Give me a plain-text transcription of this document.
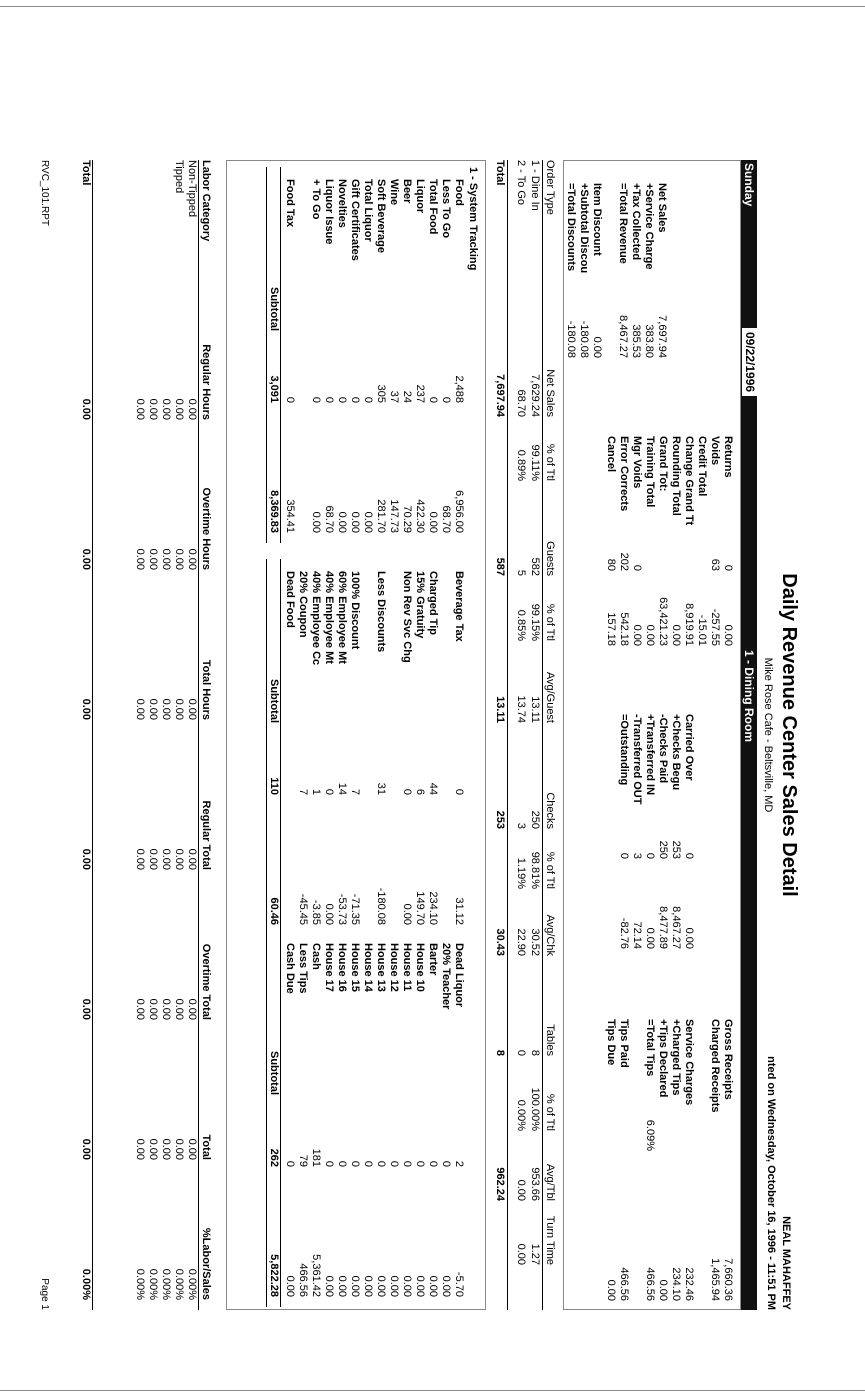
Daily Revenue Center Sales Detail
Mike Rose Cafe - Beltsville, MD
NEAL MAHAFFEY
nted on Wednesday, October 16, 1996 - 11:51 PM
Sunday
09/22/1996
1 - Dining Room
Net Sales
7,697.94
+Service Charge
383.80
+Tax Collected
385.53
=Total Revenue
8,467.27
Item Discount
0.00
+Subtotal Discou
-180.08
=Total Discounts
-180.08
Returns
0
0.00
Voids
63
-257.55
Credit Total
-15.01
Change Grand Tt
8,919.91
Rounding Total
0.00
Grand Tot:
63,421.23
Training Total
0.00
Mgr Voids
0
0.00
Error Corrects
202
542.18
Cancel
80
157.18
Carried Over
0
0.00
+Checks Begu
253
8,467.27
-Checks Paid
250
8,477.89
+Transferred IN
0
0.00
-Transferred OUT
3
72.14
=Outstanding
0
-82.76
Gross Receipts
7,660.36
Charged Receipts
1,465.94
Service Charges
232.46
+Charged Tips
234.10
+Tips Declared
0.00
=Total Tips
6.09%
466.56
Tips Paid
466.56
Tips Due
0.00
Order Type
Net Sales
% of Ttl
Guests
% of Ttl
Avg/Guest
Checks
% of Ttl
Avg/Chk
Tables
% of Ttl
Avg/Tbl
Turn Time
1 - Dine In
7,629.24
99.11%
582
99.15%
13.11
250
98.81%
30.52
8
100.00%
953.66
1.27
2 - To Go
68.70
0.89%
5
0.85%
13.74
3
1.19%
22.90
0
0.00%
0.00
0.00
Total
7,697.94
587
13.11
253
30.43
8
962.24
1 - System Tracking
Food
2,488
6,956.00
Less To Go
0
68.70
Total Food
0
0.00
Liquor
237
422.30
Beer
24
70.29
Wine
37
147.73
Soft Beverage
305
281.70
Total Liquor
0
0.00
Gift Certificates
0
0.00
Novelties
0
0.00
Liquor Issue
0
68.70
+ To Go
0
0.00
Food Tax
0
354.41
Subtotal
3,091
8,369.83
Beverage Tax
0
31.12
Charged Tip
44
234.10
15% Gratuity
6
149.70
Non Rev Svc Chg
0
0.00
Less Discounts
31
-180.08
100% Discount
7
-71.35
60% Employee Mt
14
-53.73
40% Employee Mt
0
0.00
40% Employee Cc
1
-3.85
20% Coupon
7
-45.45
Dead Food
Subtotal
110
60.46
Dead Liquor
2
-5.70
20% Teacher
0
0.00
Barter
0
0.00
House 10
0
0.00
House 11
0
0.00
House 12
0
0.00
House 13
0
0.00
House 14
0
0.00
House 15
0
0.00
House 16
0
0.00
House 17
0
0.00
Cash
181
5,361.42
Less Tips
79
466.56
Cash Due
0
0.00
Subtotal
262
5,822.28
Labor Category
Regular Hours
Overtime Hours
Total Hours
Regular Total
Overtime Total
Total
%Labor/Sales
Non-Tipped
0.00
0.00
0.00
0.00
0.00
0.00
0.00%
Tipped
0.00
0.00
0.00
0.00
0.00
0.00
0.00%
0.00
0.00
0.00
0.00
0.00
0.00
0.00%
0.00
0.00
0.00
0.00
0.00
0.00
0.00%
0.00
0.00
0.00
0.00
0.00
0.00
0.00%
Total
0.00
0.00
0.00
0.00
0.00
0.00
0.00%
RVC_101.RPT
Page 1
